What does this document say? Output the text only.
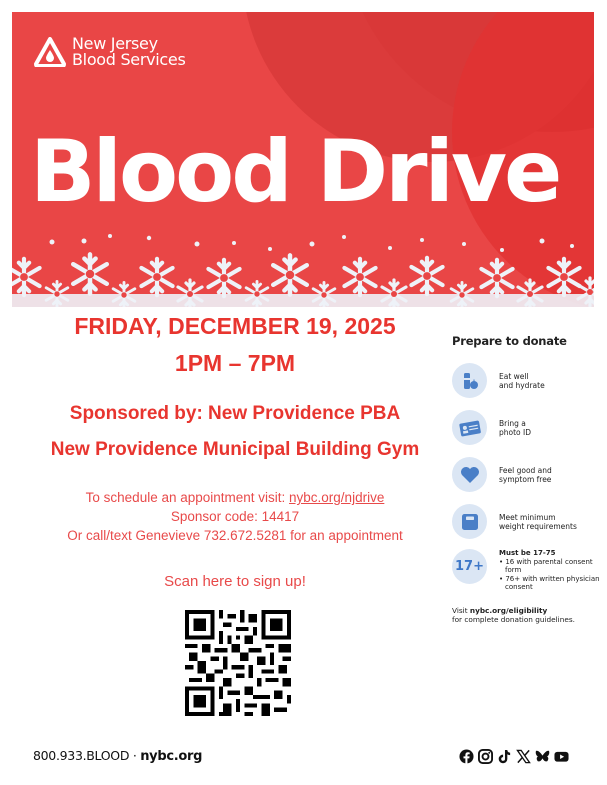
New Jersey
Blood Services
Blood Drive
FRIDAY, DECEMBER 19, 2025
1PM – 7PM
Sponsored by: New Providence PBA
New Providence Municipal Building Gym
To schedule an appointment visit: nybc.org/njdrive
Sponsor code: 14417
Or call/text Genevieve 732.672.5281 for an appointment
Scan here to sign up!
Prepare to donate
Eat well
and hydrate
Bring a
photo ID
Feel good and
symptom free
Meet minimum
weight requirements
17+
Must be 17-75
• 16 with parental consent form
• 76+ with written physician consent
Visit nybc.org/eligibility
for complete donation guidelines.
800.933.BLOOD · nybc.org
